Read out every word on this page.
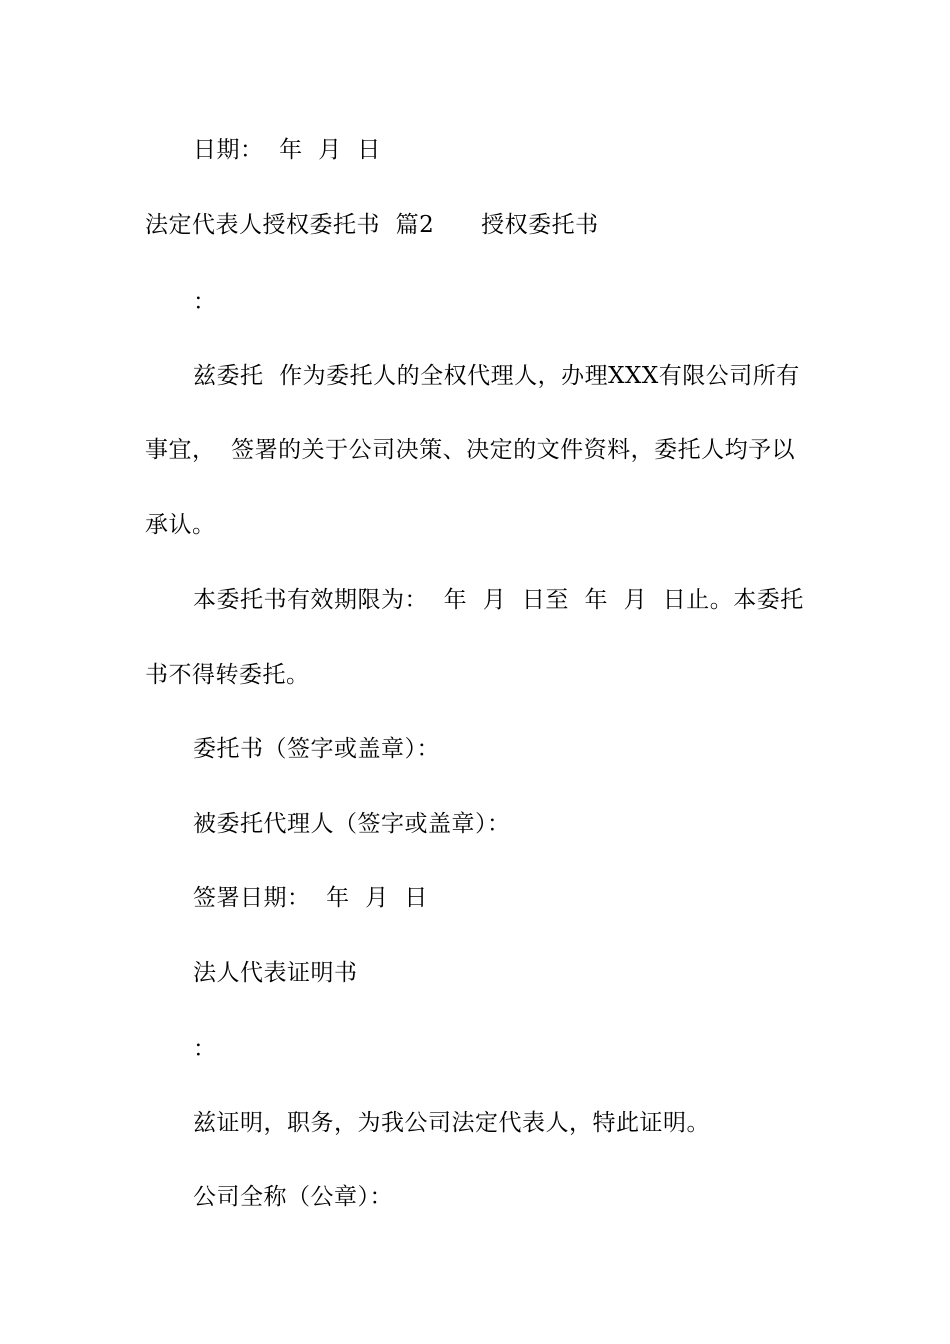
日期：  年  月  日
法定代表人授权委托书  篇2      授权委托书
：
兹委托  作为委托人的全权代理人，办理XXX有限公司所有
事宜，  签署的关于公司决策、决定的文件资料，委托人均予以
承认。
本委托书有效期限为：  年  月  日至  年  月  日止。本委托
书不得转委托。
委托书（签字或盖章）：
被委托代理人（签字或盖章）：
签署日期：  年  月  日
法人代表证明书
：
兹证明，职务，为我公司法定代表人，特此证明。
公司全称（公章）：
